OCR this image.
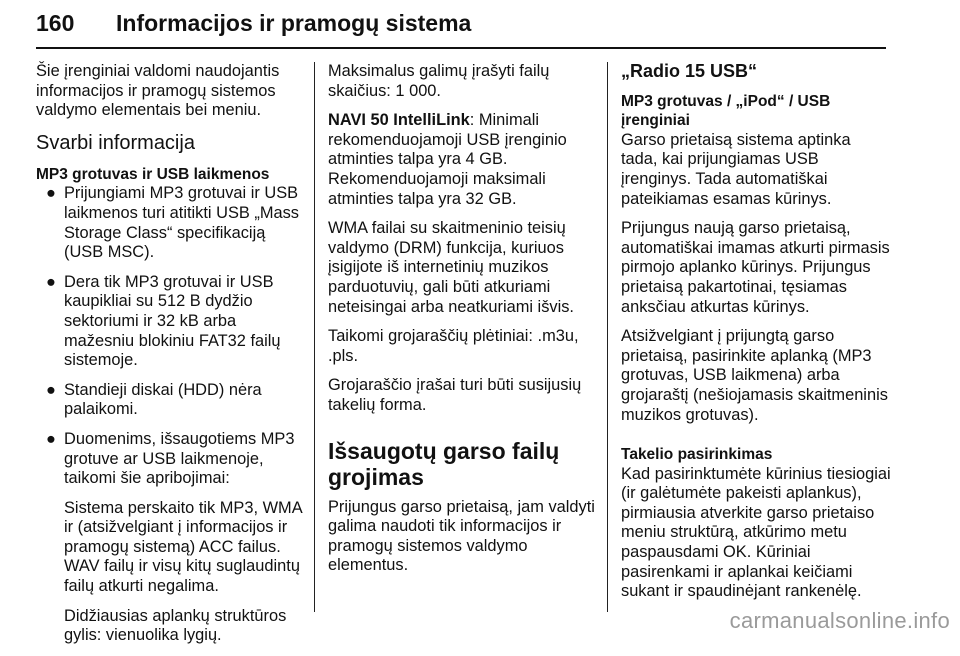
160 Informacijos ir pramogų sistema

Šie įrenginiai valdomi naudojantis informacijos ir pramogų sistemos valdymo elementais bei meniu.

Svarbi informacija
MP3 grotuvas ir USB laikmenos
● Prijungiami MP3 grotuvai ir USB laikmenos turi atitikti USB „Mass Storage Class“ specifikaciją (USB MSC).
● Dera tik MP3 grotuvai ir USB kaupikliai su 512 B dydžio sektoriumi ir 32 kB arba mažesniu blokiniu FAT32 failų sistemoje.
● Standieji diskai (HDD) nėra palaikomi.
● Duomenims, išsaugotiems MP3 grotuve ar USB laikmenoje, taikomi šie apribojimai:

Sistema perskaito tik MP3, WMA ir (atsižvelgiant į informacijos ir pramogų sistemą) ACC failus. WAV failų ir visų kitų suglaudintų failų atkurti negalima.

Didžiausias aplankų struktūros gylis: vienuolika lygių.

Maksimalus galimų įrašyti failų skaičius: 1 000.

NAVI 50 IntelliLink: Minimali rekomenduojamoji USB įrenginio atminties talpa yra 4 GB. Rekomenduojamoji maksimali atminties talpa yra 32 GB.

WMA failai su skaitmeninio teisių valdymo (DRM) funkcija, kuriuos įsigijote iš internetinių muzikos parduotuvių, gali būti atkuriami neteisingai arba neatkuriami išvis.

Taikomi grojaraščių plėtiniai: .m3u, .pls.

Grojaraščio įrašai turi būti susijusių takelių forma.

Išsaugotų garso failų grojimas

Prijungus garso prietaisą, jam valdyti galima naudoti tik informacijos ir pramogų sistemos valdymo elementus.

„Radio 15 USB“
MP3 grotuvas / „iPod“ / USB įrenginiai

Garso prietaisą sistema aptinka tada, kai prijungiamas USB įrenginys. Tada automatiškai pateikiamas esamas kūrinys.

Prijungus naują garso prietaisą, automatiškai imamas atkurti pirmasis pirmojo aplanko kūrinys. Prijungus prietaisą pakartotinai, tęsiamas anksčiau atkurtas kūrinys.

Atsižvelgiant į prijungtą garso prietaisą, pasirinkite aplanką (MP3 grotuvas, USB laikmena) arba grojaraštį (nešiojamasis skaitmeninis muzikos grotuvas).

Takelio pasirinkimas

Kad pasirinktumėte kūrinius tiesiogiai (ir galėtumėte pakeisti aplankus), pirmiausia atverkite garso prietaiso meniu struktūrą, atkūrimo metu paspausdami OK. Kūriniai pasirenkami ir aplankai keičiami sukant ir spaudinėjant rankenėlę.

carmanualsonline.info
